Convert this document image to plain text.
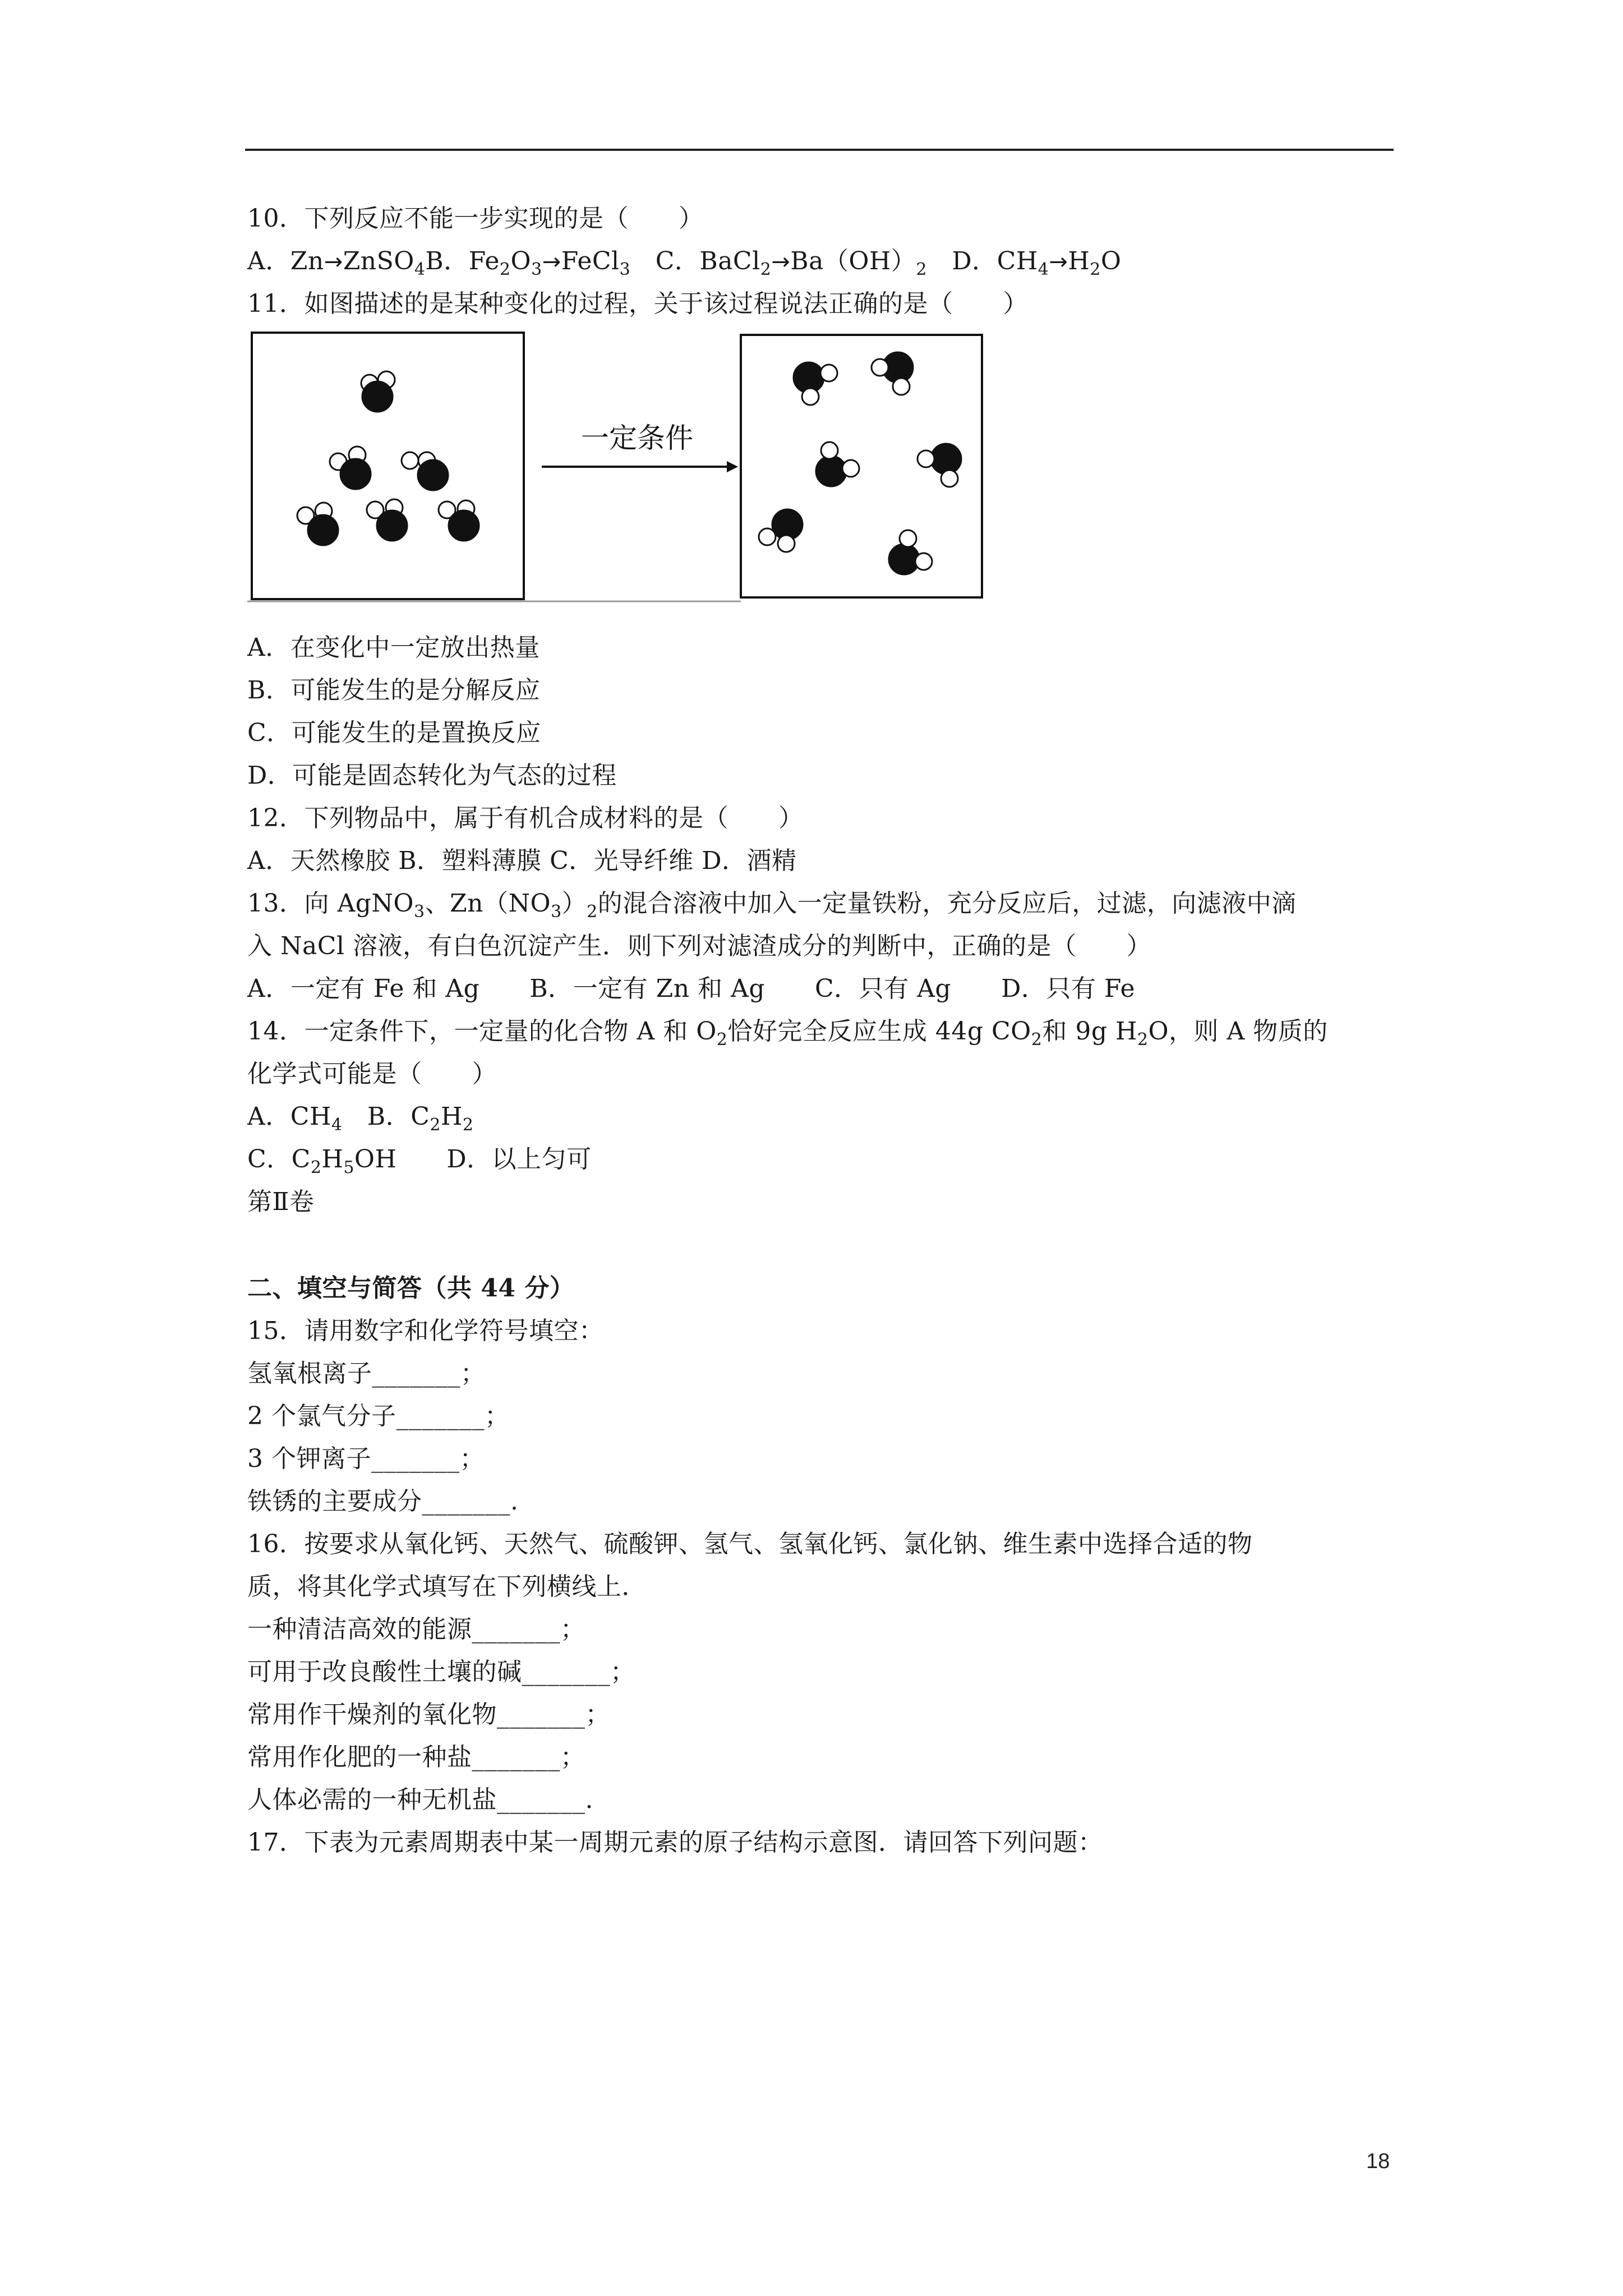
10．下列反应不能一步实现的是（　　）
A．Zn→ZnSO$_4$B．$Fe_2O_3\to FeCl_3$　C．$BaCl_2\to Ba(OH)_2$　D．$CH_4\to H_2O$
11．如图描述的是某种变化的过程，关于该过程说法正确的是（　　）
一定条件
A．在变化中一定放出热量
B．可能发生的是分解反应
C．可能发生的是置换反应
D．可能是固态转化为气态的过程
12．下列物品中，属于有机合成材料的是（　　）
A．天然橡胶 B．塑料薄膜 C．光导纤维 D．酒精
13．向 AgNO$_3$、$Zn(NO_3)_2$的混合溶液中加入一定量铁粉，充分反应后，过滤，向滤液中滴
入 NaCl 溶液，有白色沉淀产生．则下列对滤渣成分的判断中，正确的是（　　）
A．一定有 Fe 和 Ag　　B．一定有 Zn 和 Ag　　C．只有 Ag　　D．只有 Fe
14．一定条件下，一定量的化合物 A 和 $O_2$恰好完全反应生成 44g $CO_2$和 9g $H_2O$，则 A 物质的
化学式可能是（　　）
A．$CH_4$　B．$C_2H_2$
C．$C_2H_5OH$　　D．以上匀可
第Ⅱ卷
二、填空与简答（共 44 分）
15．请用数字和化学符号填空：
氢氧根离子_______；
2 个氯气分子_______；
3 个钾离子_______；
铁锈的主要成分_______.
16．按要求从氧化钙、天然气、硫酸钾、氢气、氢氧化钙、氯化钠、维生素中选择合适的物
质，将其化学式填写在下列横线上．
一种清洁高效的能源_______；
可用于改良酸性土壤的碱_______；
常用作干燥剂的氧化物_______；
常用作化肥的一种盐_______；
人体必需的一种无机盐_______.
17．下表为元素周期表中某一周期元素的原子结构示意图．请回答下列问题：
18
